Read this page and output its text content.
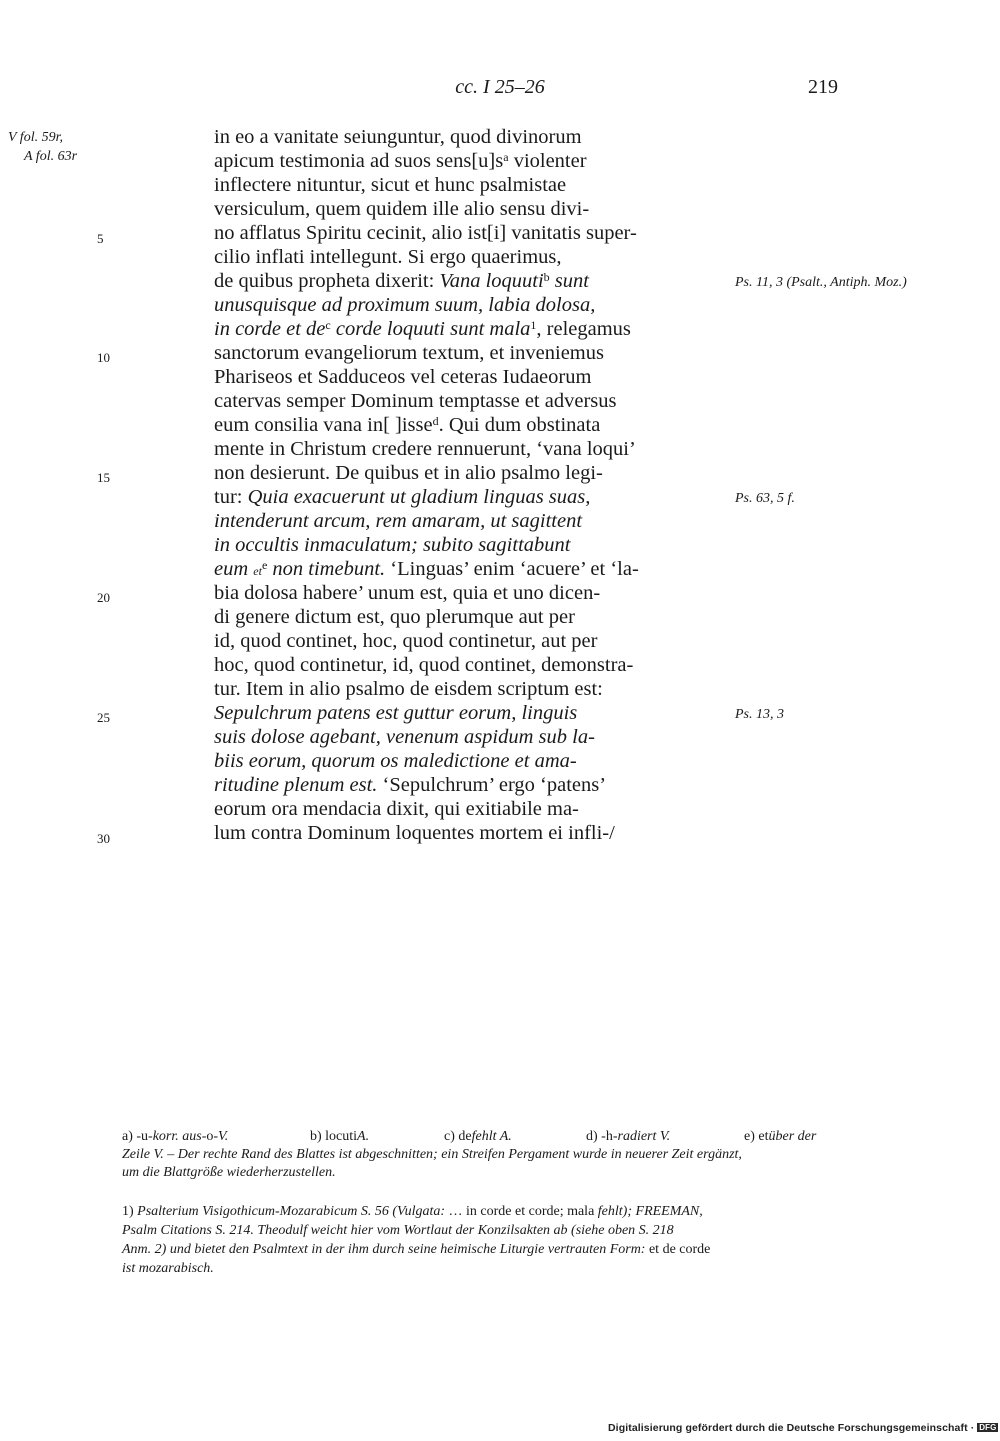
cc. I 25–26	219
V fol. 59r,
A fol. 63r
5
10
15
20
25
30
in eo a vanitate seiunguntur, quod divinorum
apicum testimonia ad suos $sens[u]s^a$ violenter
inflectere nituntur, sicut et hunc psalmistae
versiculum, quem quidem ille alio sensu divi-
no afflatus Spiritu cecinit, alio ist[i] vanitatis super-
cilio inflati intellegunt. Si ergo quaerimus,
de quibus propheta dixerit: Vana loquuti$^b$ sunt
unusquisque ad proximum suum, labia dolosa,
in corde et $de^c$ corde loquuti sunt mala$^1$, relegamus
sanctorum evangeliorum textum, et inveniemus
Phariseos et Sadduceos vel ceteras Iudaeorum
catervas semper Dominum temptasse et adversus
eum consilia vana in[ ]isse$^d$. Qui dum obstinata
mente in Christum credere rennuerunt, ‘vana loqui’
non desierunt. De quibus et in alio psalmo legi-
tur: Quia exacuerunt ut gladium linguas suas,
intenderunt arcum, rem amaram, ut sagittent
in occultis inmaculatum; subito sagittabunt
eum $et^e$ non timebunt. ‘Linguas’ enim ‘acuere’ et ‘la-
bia dolosa habere’ unum est, quia et uno dicen-
di genere dictum est, quo plerumque aut per
id, quod continet, hoc, quod continetur, aut per
hoc, quod continetur, id, quod continet, demonstra-
tur. Item in alio psalmo de eisdem scriptum est:
Sepulchrum patens est guttur eorum, linguis
suis dolose agebant, venenum aspidum sub la-
biis eorum, quorum os maledictione et ama-
ritudine plenum est. ‘Sepulchrum’ ergo ‘patens’
eorum ora mendacia dixit, qui exitiabile ma-
lum contra Dominum loquentes mortem ei infli-/
Ps. 11, 3 (Psalt., Antiph. Moz.)
Ps. 63, 5 f.
Ps. 13, 3
a) -u-korr. aus-o-V.	b) locutiA.	c) defehlt A.	d) -h-radiert V.	e) etüber der
Zeile V. – Der rechte Rand des Blattes ist abgeschnitten; ein Streifen Pergament wurde in neuerer Zeit ergänzt,
um die Blattgröße wiederherzustellen.
1) Psalterium Visigothicum-Mozarabicum S. 56 (Vulgata: … in corde et corde; mala fehlt); FREEMAN,
Psalm Citations S. 214. Theodulf weicht hier vom Wortlaut der Konzilsakten ab (siehe oben S. 218
Anm. 2) und bietet den Psalmtext in der ihm durch seine heimische Liturgie vertrauten Form: et de corde
ist mozarabisch.
Digitalisierung gefördert durch die Deutsche Forschungsgemeinschaft · DFG
